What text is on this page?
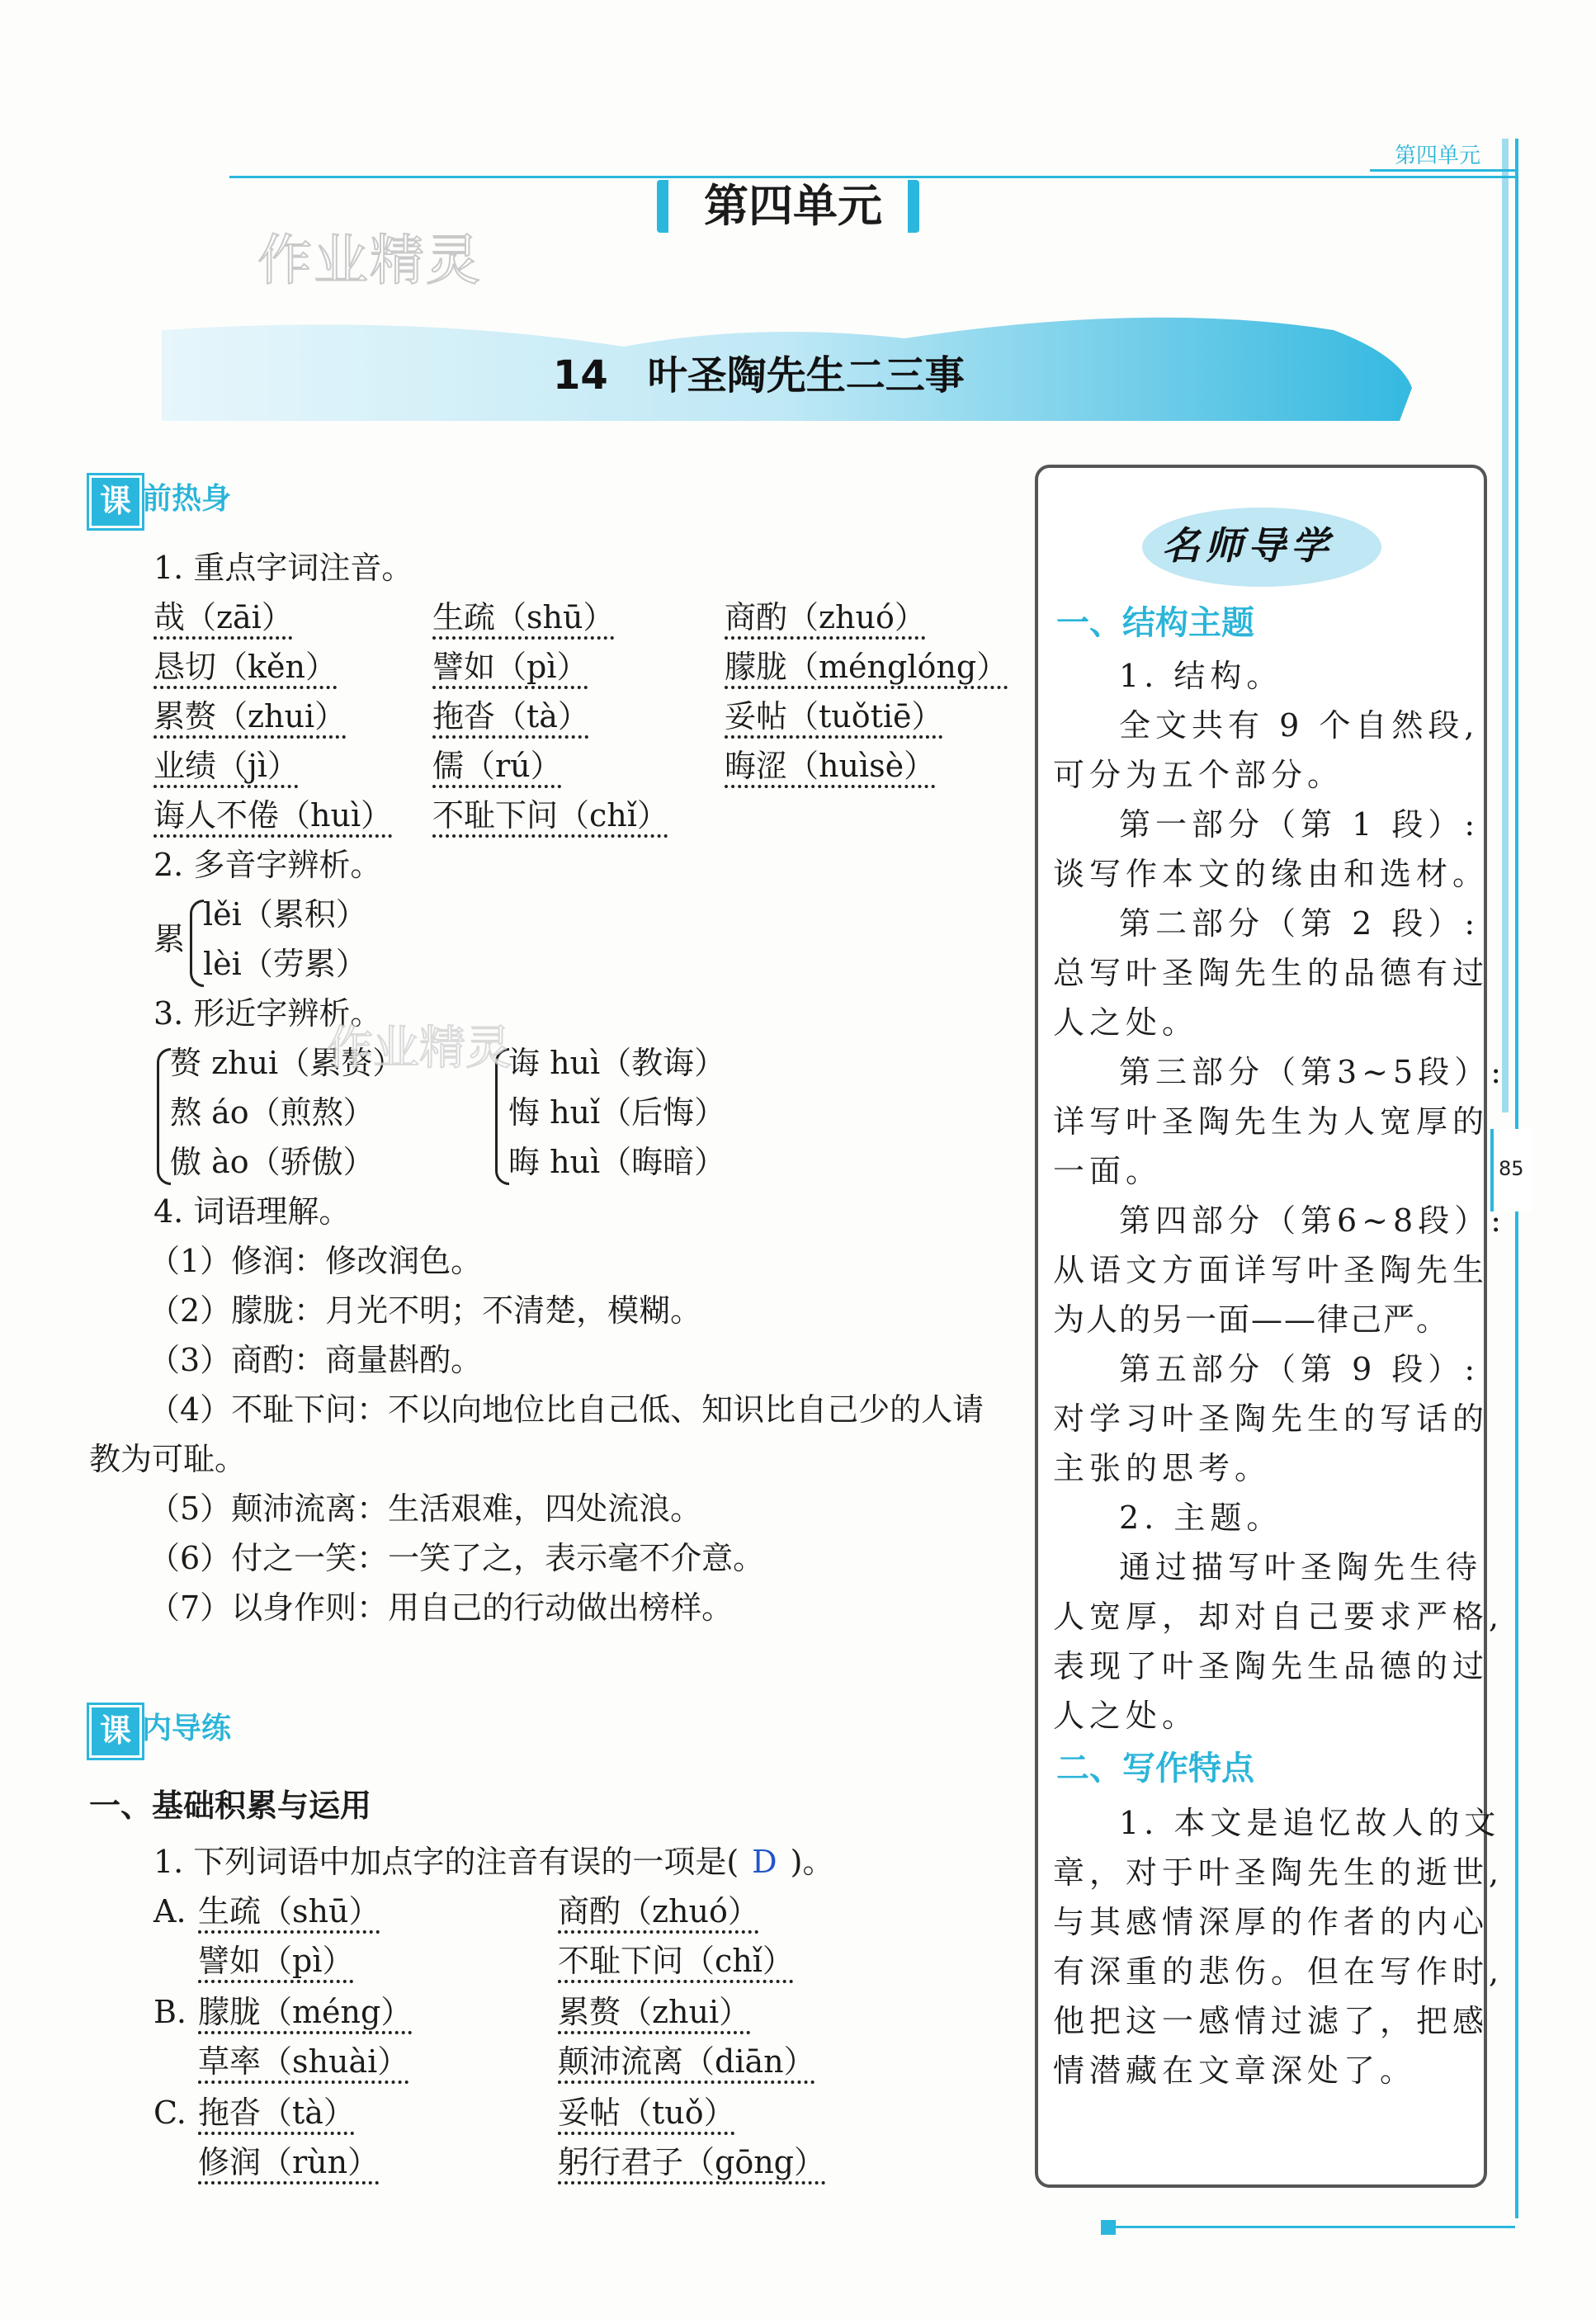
85
第四单元
第四单元
作业精灵
14　叶圣陶先生二三事
课 前热身
1. 重点字词注音。
哉（zāi）	生疏（shū）	商酌（zhuó）
恳切（kěn）	譬如（pì）	朦胧（ménglóng）
累赘（zhui）	拖沓（tà）	妥帖（tuǒtiē）
业绩（jì）	儒（rú）	晦涩（huìsè）
诲人不倦（huì） 不耻下问（chǐ）
2. 多音字辨析。
累
lěi（累积）
lèi（劳累）
3. 形近字辨析。
赘 zhui（累赘）
熬 áo（煎熬）
傲 ào（骄傲）
诲 huì（教诲）
悔 huǐ（后悔）
晦 huì（晦暗）
作业精灵
4. 词语理解。
（1）修润：修改润色。
（2）朦胧：月光不明；不清楚，模糊。
（3）商酌：商量斟酌。
（4）不耻下问：不以向地位比自己低、知识比自己少的人请
教为可耻。
（5）颠沛流离：生活艰难，四处流浪。
（6）付之一笑：一笑了之，表示毫不介意。
（7）以身作则：用自己的行动做出榜样。
课 内导练
一、基础积累与运用
1. 下列词语中加点字的注音有误的一项是( D )。
A. 生疏（shū）	商酌（zhuó）
譬如（pì）	不耻下问（chǐ）
B. 朦胧（méng）	累赘（zhui）
草率（shuài）	颠沛流离（diān）
C. 拖沓（tà）	妥帖（tuǒ）
修润（rùn）	躬行君子（gōng）
名师导学
一、结构主题
1. 结构。
全文共有 9 个自然段,
可分为五个部分。
第一部分（第 1 段）:
谈写作本文的缘由和选材。
第二部分（第 2 段）:
总写叶圣陶先生的品德有过
人之处。
第三部分（第3~5段）:
详写叶圣陶先生为人宽厚的
一面。
第四部分（第6~8段）:
从语文方面详写叶圣陶先生
为人的另一面——律己严。
第五部分（第 9 段）:
对学习叶圣陶先生的写话的
主张的思考。
2. 主题。
通过描写叶圣陶先生待
人宽厚，却对自己要求严格,
表现了叶圣陶先生品德的过
人之处。
二、写作特点
1. 本文是追忆故人的文
章，对于叶圣陶先生的逝世,
与其感情深厚的作者的内心
有深重的悲伤。但在写作时,
他把这一感情过滤了，把感
情潜藏在文章深处了。
